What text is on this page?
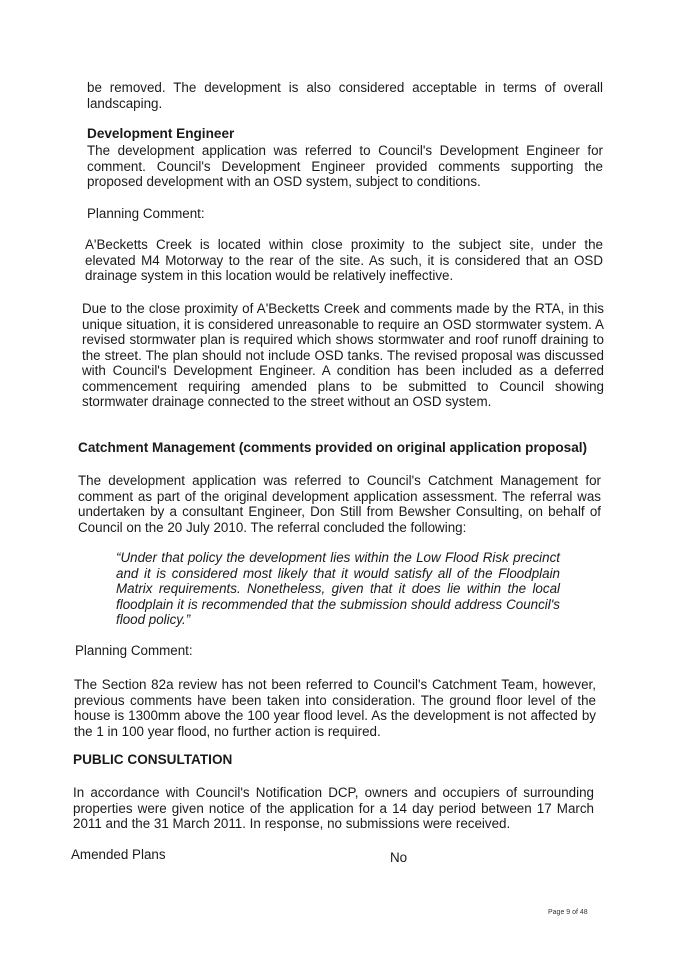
be removed. The development is also considered acceptable in terms of overall landscaping.
Development Engineer
The development application was referred to Council's Development Engineer for comment. Council's Development Engineer provided comments supporting the proposed development with an OSD system, subject to conditions.
Planning Comment:
A'Becketts Creek is located within close proximity to the subject site, under the elevated M4 Motorway to the rear of the site. As such, it is considered that an OSD drainage system in this location would be relatively ineffective.
Due to the close proximity of A'Becketts Creek and comments made by the RTA, in this unique situation, it is considered unreasonable to require an OSD stormwater system. A revised stormwater plan is required which shows stormwater and roof runoff draining to the street. The plan should not include OSD tanks. The revised proposal was discussed with Council's Development Engineer. A condition has been included as a deferred commencement requiring amended plans to be submitted to Council showing stormwater drainage connected to the street without an OSD system.
Catchment Management (comments provided on original application proposal)
The development application was referred to Council's Catchment Management for comment as part of the original development application assessment. The referral was undertaken by a consultant Engineer, Don Still from Bewsher Consulting, on behalf of Council on the 20 July 2010. The referral concluded the following:
“Under that policy the development lies within the Low Flood Risk precinct and it is considered most likely that it would satisfy all of the Floodplain Matrix requirements. Nonetheless, given that it does lie within the local floodplain it is recommended that the submission should address Council's flood policy.”
Planning Comment:
The Section 82a review has not been referred to Council's Catchment Team, however, previous comments have been taken into consideration. The ground floor level of the house is 1300mm above the 100 year flood level. As the development is not affected by the 1 in 100 year flood, no further action is required.
PUBLIC CONSULTATION
In accordance with Council's Notification DCP, owners and occupiers of surrounding properties were given notice of the application for a 14 day period between 17 March 2011 and the 31 March 2011. In response, no submissions were received.
Amended Plans	No
Page 9 of 48
